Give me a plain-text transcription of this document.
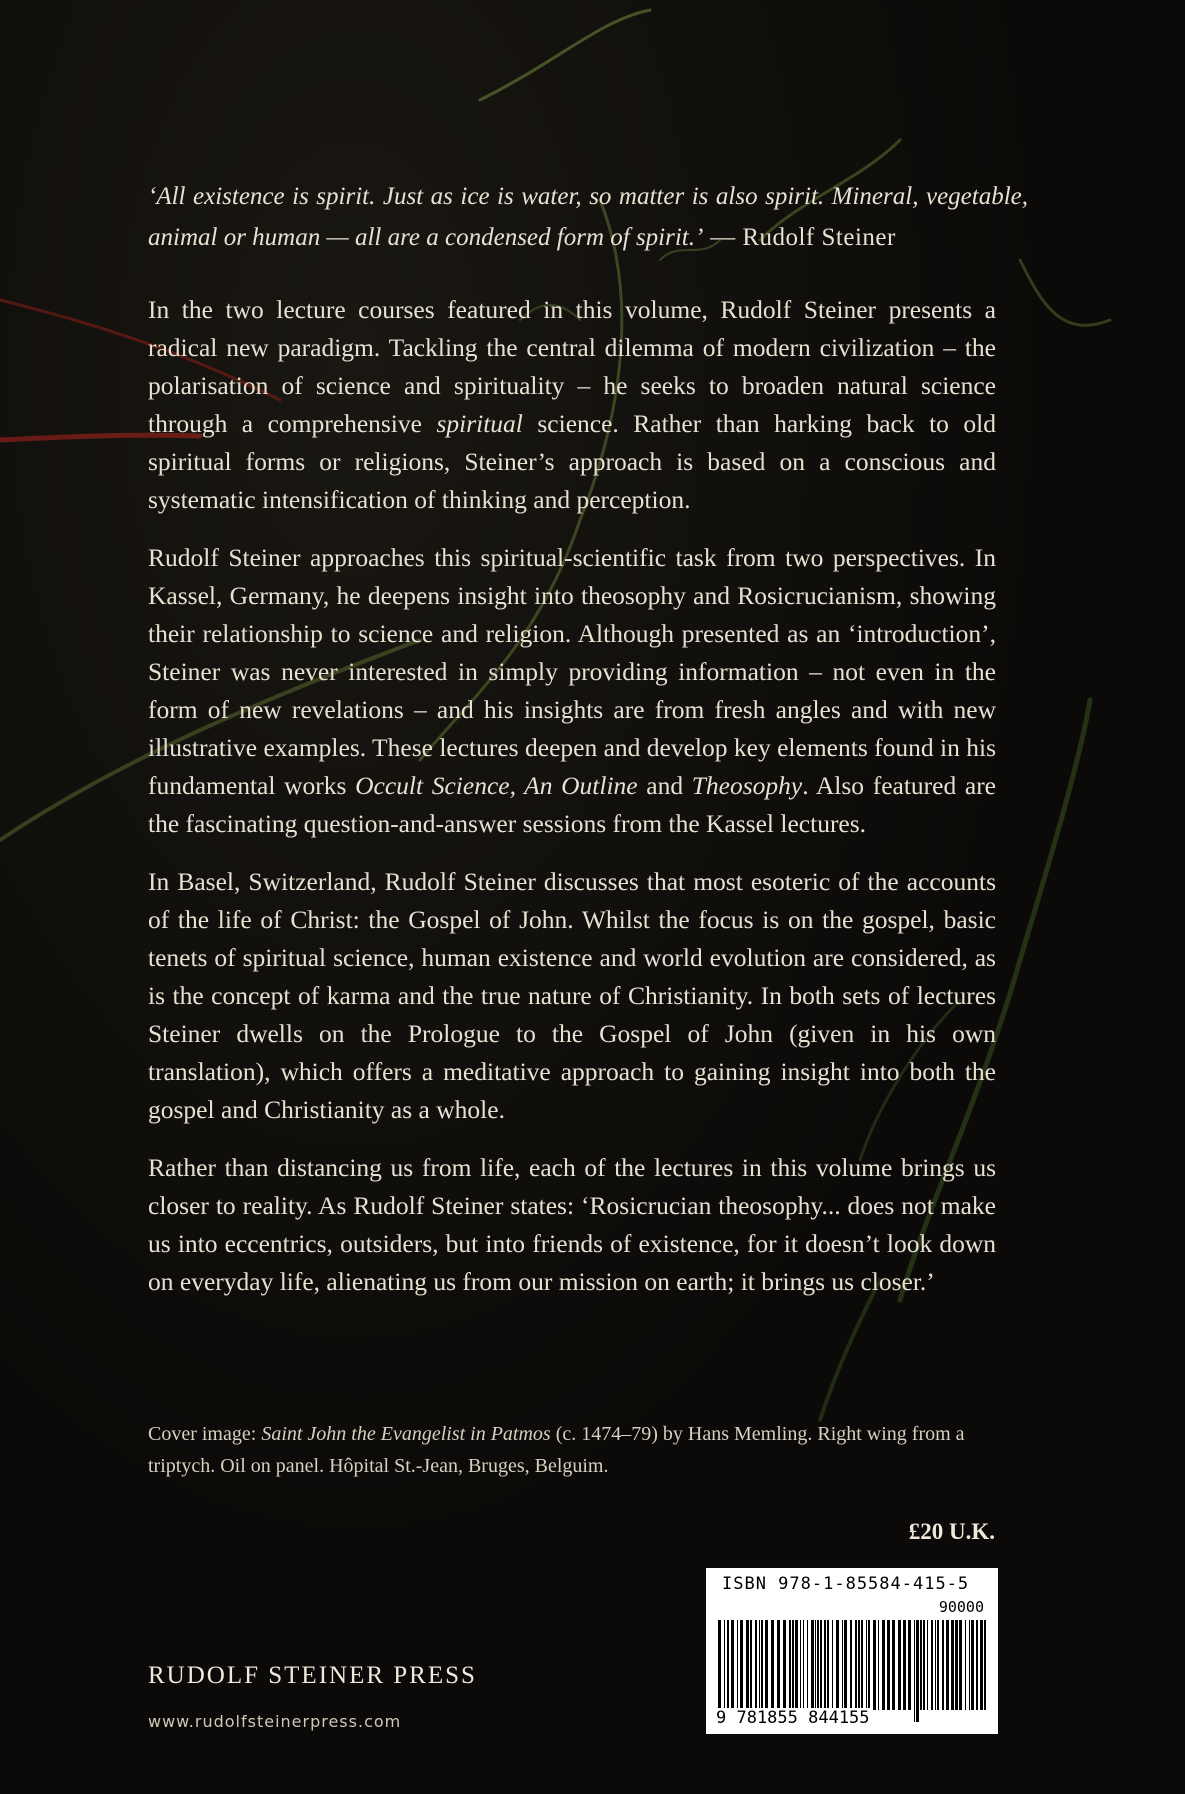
‘All existence is spirit. Just as ice is water, so matter is also spirit. Mineral, vegetable, animal or human — all are a condensed form of spirit.’ — Rudolf Steiner

In the two lecture courses featured in this volume, Rudolf Steiner presents a radical new paradigm. Tackling the central dilemma of modern civilization – the polarisation of science and spirituality – he seeks to broaden natural science through a comprehensive spiritual science. Rather than harking back to old spiritual forms or religions, Steiner’s approach is based on a conscious and systematic intensification of thinking and perception.

Rudolf Steiner approaches this spiritual-scientific task from two perspectives. In Kassel, Germany, he deepens insight into theosophy and Rosicrucianism, showing their relationship to science and religion. Although presented as an ‘introduction’, Steiner was never interested in simply providing information – not even in the form of new revelations – and his insights are from fresh angles and with new illustrative examples. These lectures deepen and develop key elements found in his fundamental works Occult Science, An Outline and Theosophy. Also featured are the fascinating question-and-answer sessions from the Kassel lectures.

In Basel, Switzerland, Rudolf Steiner discusses that most esoteric of the accounts of the life of Christ: the Gospel of John. Whilst the focus is on the gospel, basic tenets of spiritual science, human existence and world evolution are considered, as is the concept of karma and the true nature of Christianity. In both sets of lectures Steiner dwells on the Prologue to the Gospel of John (given in his own translation), which offers a meditative approach to gaining insight into both the gospel and Christianity as a whole.

Rather than distancing us from life, each of the lectures in this volume brings us closer to reality. As Rudolf Steiner states: ‘Rosicrucian theosophy... does not make us into eccentrics, outsiders, but into friends of existence, for it doesn’t look down on everyday life, alienating us from our mission on earth; it brings us closer.’

Cover image: Saint John the Evangelist in Patmos (c. 1474–79) by Hans Memling. Right wing from a triptych. Oil on panel. Hôpital St.-Jean, Bruges, Belguim.
£20 U.K.
ISBN 978-1-85584-415-5
90000
9 781855 844155
RUDOLF STEINER PRESS
www.rudolfsteinerpress.com
